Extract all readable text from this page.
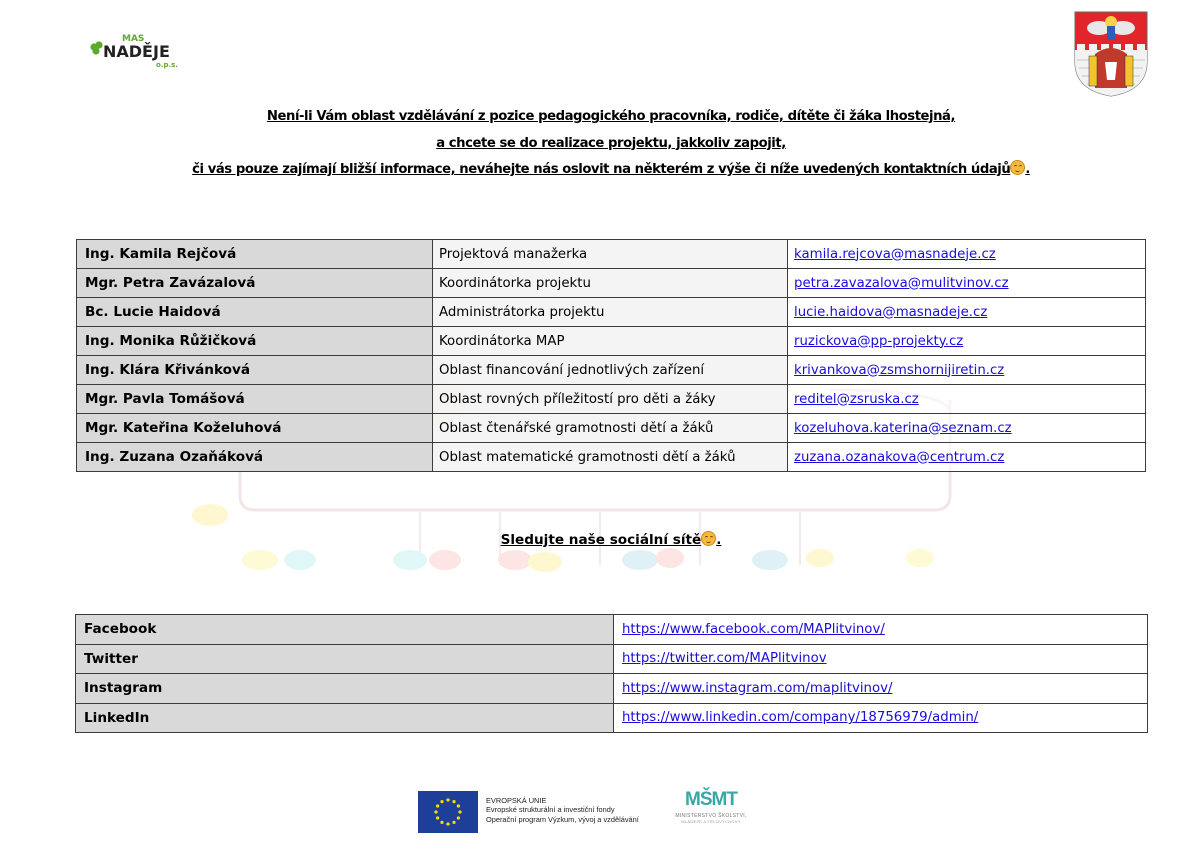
MAS
NADĚJE
o.p.s.
Není-li Vám oblast vzdělávání z pozice pedagogického pracovníka, rodiče, dítěte či žáka lhostejná,
a chcete se do realizace projektu, jakkoliv zapojit,
či vás pouze zajímají bližší informace, neváhejte nás oslovit na některém z výše či níže uvedených kontaktních údajů .
Ing. Kamila Rejčová	Projektová manažerka	kamila.rejcova@masnadeje.cz
Mgr. Petra Zavázalová	Koordinátorka projektu	petra.zavazalova@mulitvinov.cz
Bc. Lucie Haidová	Administrátorka projektu	lucie.haidova@masnadeje.cz
Ing. Monika Růžičková	Koordinátorka MAP	ruzickova@pp-projekty.cz
Ing. Klára Křivánková	Oblast financování jednotlivých zařízení	krivankova@zsmshornijiretin.cz
Mgr. Pavla Tomášová	Oblast rovných příležitostí pro děti a žáky	reditel@zsruska.cz
Mgr. Kateřina Koželuhová	Oblast čtenářské gramotnosti dětí a žáků	kozeluhova.katerina@seznam.cz
Ing. Zuzana Ozaňáková	Oblast matematické gramotnosti dětí a žáků	zuzana.ozanakova@centrum.cz
Sledujte naše sociální sítě .
Facebook	https://www.facebook.com/MAPlitvinov/
Twitter	https://twitter.com/MAPlitvinov
Instagram	https://www.instagram.com/maplitvinov/
LinkedIn	https://www.linkedin.com/company/18756979/admin/
EVROPSKÁ UNIE
Evropské strukturální a investiční fondy
Operační program Výzkum, vývoj a vzdělávání
MŠMT
MINISTERSTVO ŠKOLSTVÍ,
MLÁDEŽE A TĚLOVÝCHOVY
